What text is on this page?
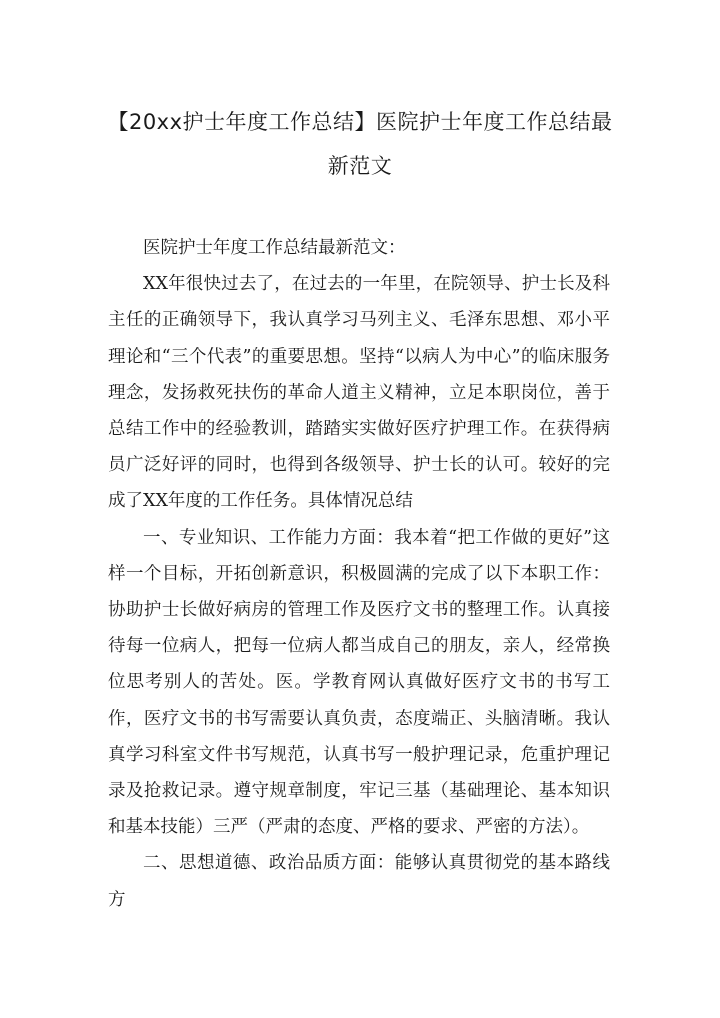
【20xx护士年度工作总结】医院护士年度工作总结最新范文

医院护士年度工作总结最新范文：

XX年很快过去了，在过去的一年里，在院领导、护士长及科主任的正确领导下，我认真学习马列主义、毛泽东思想、邓小平理论和“三个代表”的重要思想。坚持“以病人为中心”的临床服务理念，发扬救死扶伤的革命人道主义精神，立足本职岗位，善于总结工作中的经验教训，踏踏实实做好医疗护理工作。在获得病员广泛好评的同时，也得到各级领导、护士长的认可。较好的完成了XX年度的工作任务。具体情况总结

一、专业知识、工作能力方面：我本着“把工作做的更好”这样一个目标，开拓创新意识，积极圆满的完成了以下本职工作：协助护士长做好病房的管理工作及医疗文书的整理工作。认真接待每一位病人，把每一位病人都当成自己的朋友，亲人，经常换位思考别人的苦处。医。学教育网认真做好医疗文书的书写工作，医疗文书的书写需要认真负责，态度端正、头脑清晰。我认真学习科室文件书写规范，认真书写一般护理记录，危重护理记录及抢救记录。遵守规章制度，牢记三基（基础理论、基本知识和基本技能）三严（严肃的态度、严格的要求、严密的方法）。

二、思想道德、政治品质方面：能够认真贯彻党的基本路线方
